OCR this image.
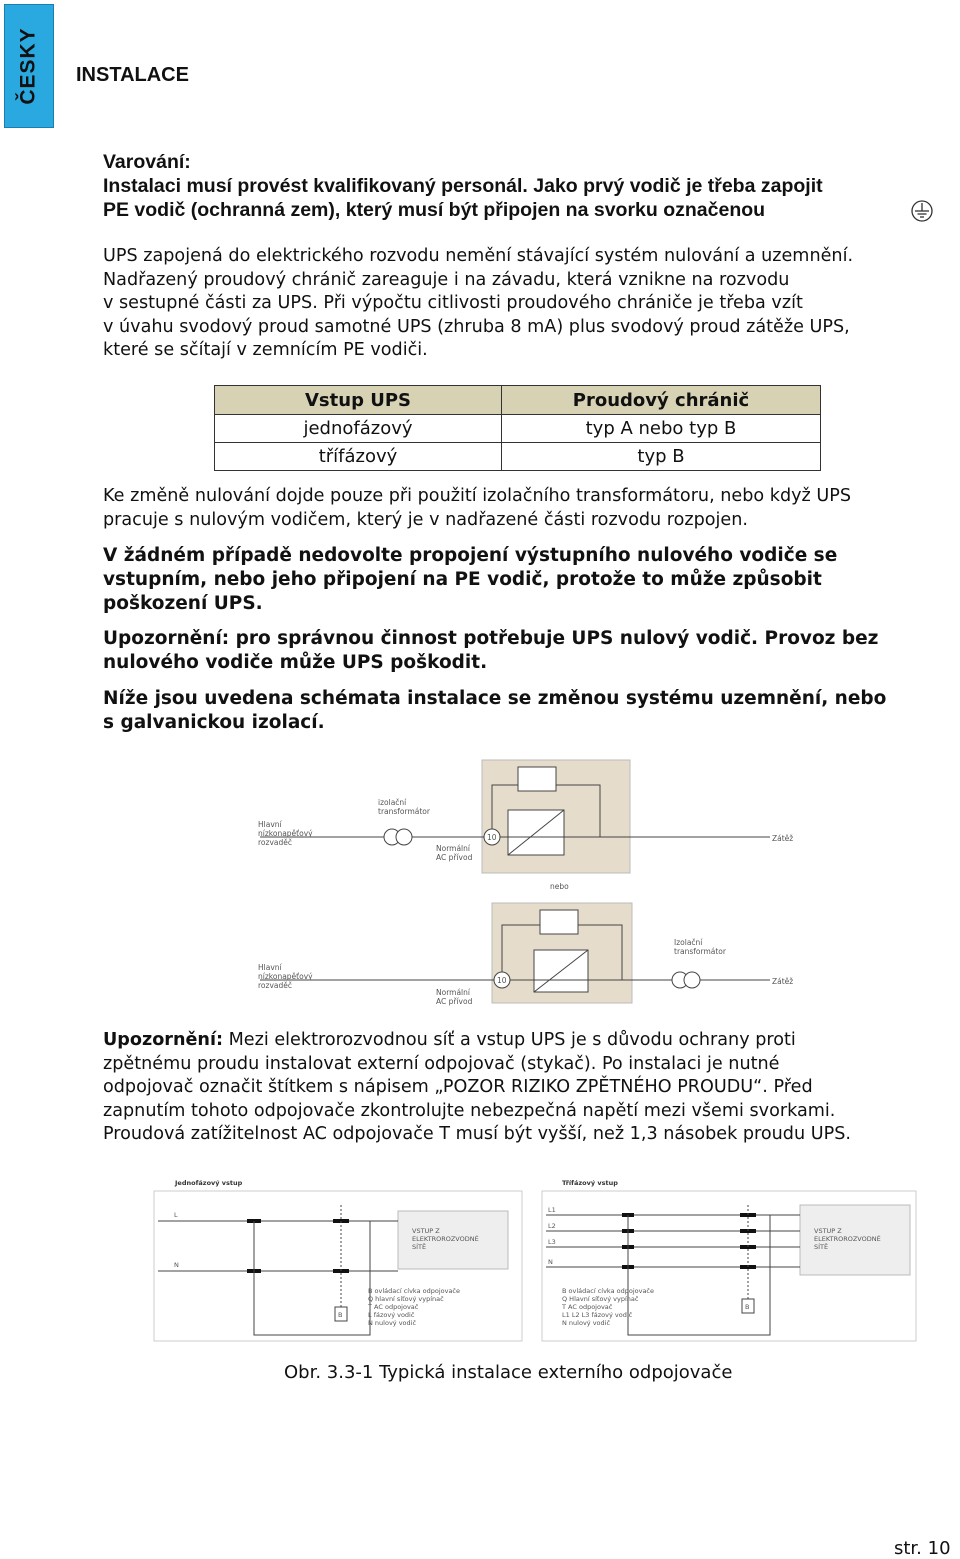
ČESKY INSTALACE
Varování:
Instalaci musí provést kvalifikovaný personál. Jako prvý vodič je třeba zapojit
PE vodič (ochranná zem), který musí být připojen na svorku označenou
UPS zapojená do elektrického rozvodu nemění stávající systém nulování a uzemnění.
Nadřazený proudový chránič zareaguje i na závadu, která vznikne na rozvodu
v sestupné části za UPS. Při výpočtu citlivosti proudového chrániče je třeba vzít
v úvahu svodový proud samotné UPS (zhruba 8 mA) plus svodový proud zátěže UPS,
které se sčítají v zemnícím PE vodiči.
Vstup UPS	Proudový chránič
jednofázový	typ A nebo typ B
třífázový	typ B
Ke změně nulování dojde pouze při použití izolačního transformátoru, nebo když UPS
pracuje s nulovým vodičem, který je v nadřazené části rozvodu rozpojen.
V žádném případě nedovolte propojení výstupního nulového vodiče se
vstupním, nebo jeho připojení na PE vodič, protože to může způsobit
poškození UPS.
Upozornění: pro správnou činnost potřebuje UPS nulový vodič. Provoz bez
nulového vodiče může UPS poškodit.
Níže jsou uvedena schémata instalace se změnou systému uzemnění, nebo
s galvanickou izolací.
10
izolační
transformátor
Hlavní
nízkonapěťový
rozvaděč
Normální
AC přívod
Zátěž
nebo
10
Izolační
transformátor
Hlavní
nízkonapěťový
rozvaděč
Normální
AC přívod
Zátěž
Upozornění: Mezi elektrorozvodnou síť a vstup UPS je s důvodu ochrany proti
zpětnému proudu instalovat externí odpojovač (stykač). Po instalaci je nutné
odpojovač označit štítkem s nápisem „POZOR RIZIKO ZPĚTNÉHO PROUDU“. Před
zapnutím tohoto odpojovače zkontrolujte nebezpečná napětí mezi všemi svorkami.
Proudová zatížitelnost AC odpojovače T musí být vyšší, než 1,3 násobek proudu UPS.
Jednofázový vstup
VSTUP Z
ELEKTROROZVODNÉ
SÍTĚ
L
N
B
B ovládací cívka odpojovače
Q hlavní síťový vypínač
T AC odpojovač
L fázový vodič
N nulový vodič
Třífázový vstup
VSTUP Z
ELEKTROROZVODNÉ
SÍTĚ
L1
L2
L3
N
B
B ovládací cívka odpojovače
Q Hlavní síťový vypínač
T AC odpojovač
L1 L2 L3 fázový vodič
N nulový vodič
Obr. 3.3-1 Typická instalace externího odpojovače
str. 10
